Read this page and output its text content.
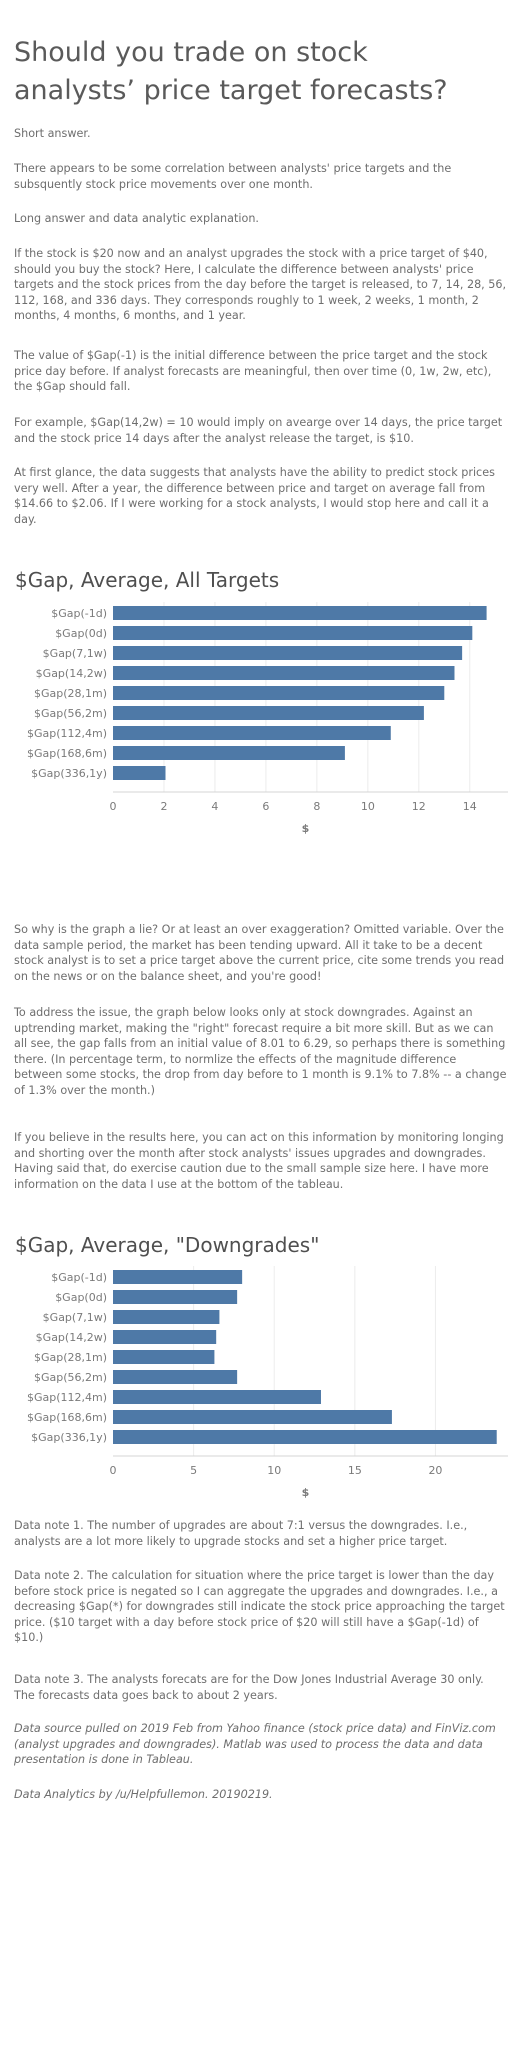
Should you trade on stock analysts’ price target forecasts?

Short answer.

There appears to be some correlation between analysts' price targets and the subsquently stock price movements over one month.

Long answer and data analytic explanation.

If the stock is $20 now and an analyst upgrades the stock with a price target of $40, should you buy the stock? Here, I calculate the difference between analysts' price targets and the stock prices from the day before the target is released, to 7, 14, 28, 56, 112, 168, and 336 days. They corresponds roughly to 1 week, 2 weeks, 1 month, 2 months, 4 months, 6 months, and 1 year.

The value of $Gap(-1) is the initial difference between the price target and the stock price day before. If analyst forecasts are meaningful, then over time (0, 1w, 2w, etc), the $Gap should fall.

For example, $Gap(14,2w) = 10 would imply on avearge over 14 days, the price target and the stock price 14 days after the analyst release the target, is $10.

At first glance, the data suggests that analysts have the ability to predict stock prices very well. After a year, the difference between price and target on average fall from $14.66 to $2.06. If I were working for a stock analysts, I would stop here and call it a day.

$Gap, Average, All Targets
$Gap(-1d)
$Gap(0d)
$Gap(7,1w)
$Gap(14,2w)
$Gap(28,1m)
$Gap(56,2m)
$Gap(112,4m)
$Gap(168,6m)
$Gap(336,1y)
0	2	4	6	8	10	12	14
$

So why is the graph a lie? Or at least an over exaggeration? Omitted variable. Over the data sample period, the market has been tending upward. All it take to be a decent stock analyst is to set a price target above the current price, cite some trends you read on the news or on the balance sheet, and you're good!

To address the issue, the graph below looks only at stock downgrades. Against an uptrending market, making the "right" forecast require a bit more skill. But as we can all see, the gap falls from an initial value of 8.01 to 6.29, so perhaps there is something there. (In percentage term, to normlize the effects of the magnitude difference between some stocks, the drop from day before to 1 month is 9.1% to 7.8% -- a change of 1.3% over the month.)

If you believe in the results here, you can act on this information by monitoring longing and shorting over the month after stock analysts' issues upgrades and downgrades. Having said that, do exercise caution due to the small sample size here. I have more information on the data I use at the bottom of the tableau.

$Gap, Average, "Downgrades"
$Gap(-1d)
$Gap(0d)
$Gap(7,1w)
$Gap(14,2w)
$Gap(28,1m)
$Gap(56,2m)
$Gap(112,4m)
$Gap(168,6m)
$Gap(336,1y)
0	5	10	15	20
$

Data note 1. The number of upgrades are about 7:1 versus the downgrades. I.e., analysts are a lot more likely to upgrade stocks and set a higher price target.

Data note 2. The calculation for situation where the price target is lower than the day before stock price is negated so I can aggregate the upgrades and downgrades. I.e., a decreasing $Gap(*) for downgrades still indicate the stock price approaching the target price. ($10 target with a day before stock price of $20 will still have a $Gap(-1d) of $10.)

Data note 3. The analysts forecats are for the Dow Jones Industrial Average 30 only. The forecasts data goes back to about 2 years.

Data source pulled on 2019 Feb from Yahoo finance (stock price data) and FinViz.com (analyst upgrades and downgrades). Matlab was used to process the data and data presentation is done in Tableau.

Data Analytics by /u/Helpfullemon. 20190219.
